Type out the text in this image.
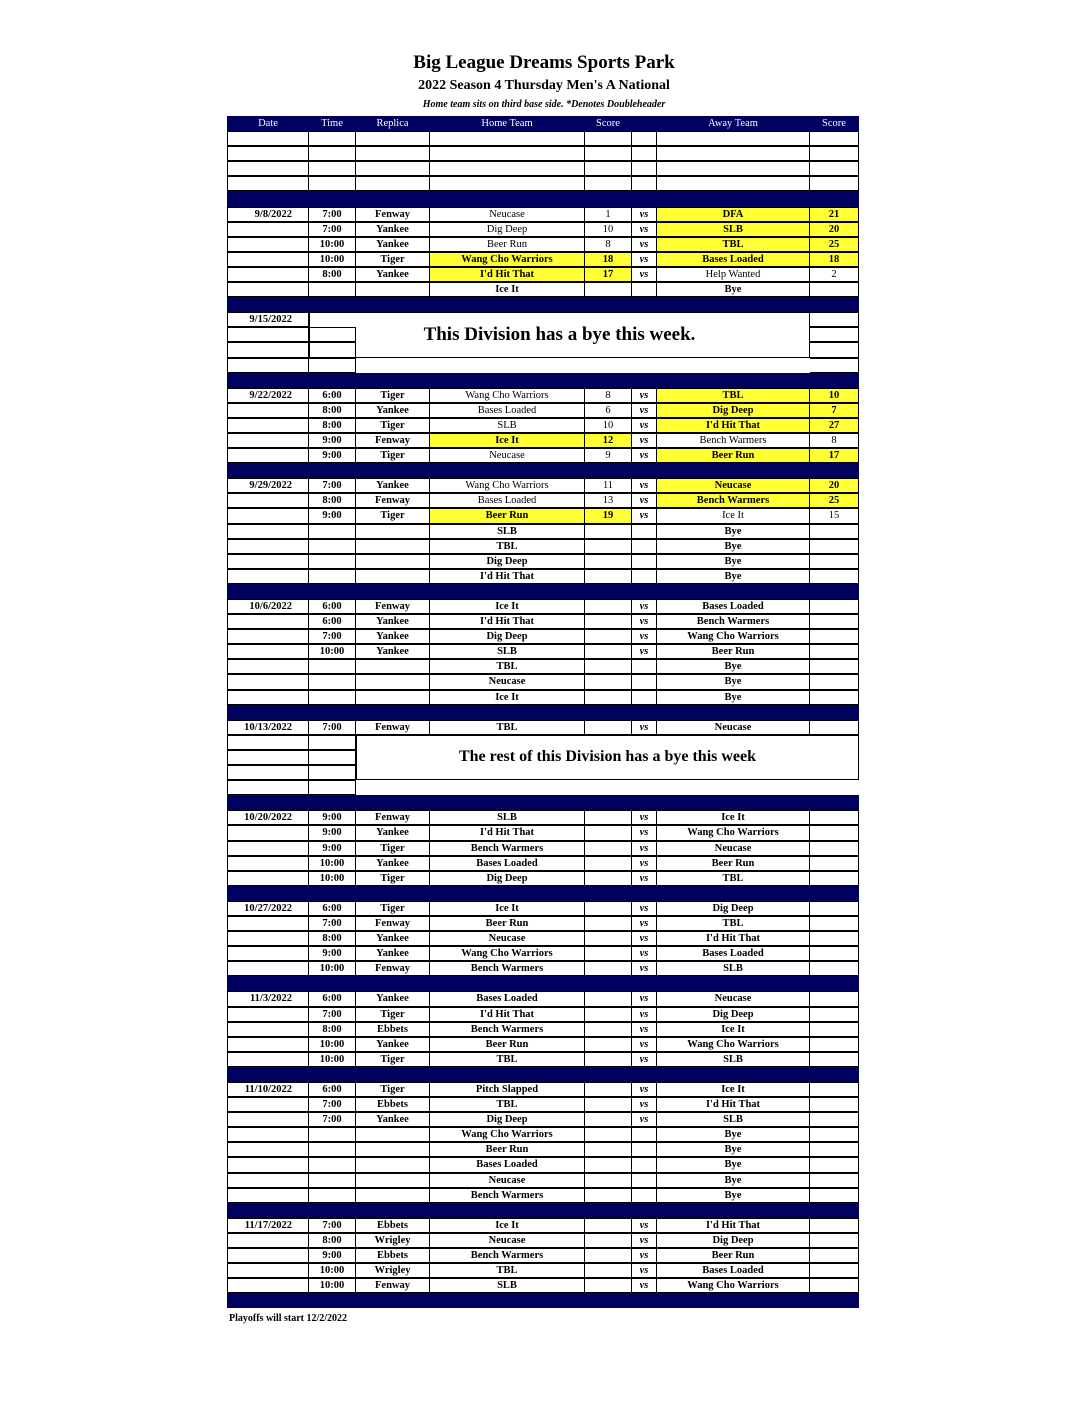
Big League Dreams Sports Park
2022 Season 4 Thursday Men's A National
Home team sits on third base side. *Denotes Doubleheader
Date	Time	Replica	Home Team	Score	Away Team	Score
9/8/2022	7:00	Fenway	Neucase	1	vs	DFA	21
7:00	Yankee	Dig Deep	10	vs	SLB	20
10:00	Yankee	Beer Run	8	vs	TBL	25
10:00	Tiger	Wang Cho Warriors	18	vs	Bases Loaded	18
8:00	Yankee	I'd Hit That	17	vs	Help Wanted	2
Ice It	Bye
9/15/2022
This Division has a bye this week.
9/22/2022	6:00	Tiger	Wang Cho Warriors	8	vs	TBL	10
8:00	Yankee	Bases Loaded	6	vs	Dig Deep	7
8:00	Tiger	SLB	10	vs	I'd Hit That	27
9:00	Fenway	Ice It	12	vs	Bench Warmers	8
9:00	Tiger	Neucase	9	vs	Beer Run	17
9/29/2022	7:00	Yankee	Wang Cho Warriors	11	vs	Neucase	20
8:00	Fenway	Bases Loaded	13	vs	Bench Warmers	25
9:00	Tiger	Beer Run	19	vs	Ice It	15
SLB	Bye
TBL	Bye
Dig Deep	Bye
I'd Hit That	Bye
10/6/2022	6:00	Fenway	Ice It	vs	Bases Loaded
6:00	Yankee	I'd Hit That	vs	Bench Warmers
7:00	Yankee	Dig Deep	vs	Wang Cho Warriors
10:00	Yankee	SLB	vs	Beer Run
TBL	Bye
Neucase	Bye
Ice It	Bye
10/13/2022	7:00	Fenway	TBL	vs	Neucase
The rest of this Division has a bye this week
10/20/2022	9:00	Fenway	SLB	vs	Ice It
9:00	Yankee	I'd Hit That	vs	Wang Cho Warriors
9:00	Tiger	Bench Warmers	vs	Neucase
10:00	Yankee	Bases Loaded	vs	Beer Run
10:00	Tiger	Dig Deep	vs	TBL
10/27/2022	6:00	Tiger	Ice It	vs	Dig Deep
7:00	Fenway	Beer Run	vs	TBL
8:00	Yankee	Neucase	vs	I'd Hit That
9:00	Yankee	Wang Cho Warriors	vs	Bases Loaded
10:00	Fenway	Bench Warmers	vs	SLB
11/3/2022	6:00	Yankee	Bases Loaded	vs	Neucase
7:00	Tiger	I'd Hit That	vs	Dig Deep
8:00	Ebbets	Bench Warmers	vs	Ice It
10:00	Yankee	Beer Run	vs	Wang Cho Warriors
10:00	Tiger	TBL	vs	SLB
11/10/2022	6:00	Tiger	Pitch Slapped	vs	Ice It
7:00	Ebbets	TBL	vs	I'd Hit That
7:00	Yankee	Dig Deep	vs	SLB
Wang Cho Warriors	Bye
Beer Run	Bye
Bases Loaded	Bye
Neucase	Bye
Bench Warmers	Bye
11/17/2022	7:00	Ebbets	Ice It	vs	I'd Hit That
8:00	Wrigley	Neucase	vs	Dig Deep
9:00	Ebbets	Bench Warmers	vs	Beer Run
10:00	Wrigley	TBL	vs	Bases Loaded
10:00	Fenway	SLB	vs	Wang Cho Warriors
Playoffs will start 12/2/2022
